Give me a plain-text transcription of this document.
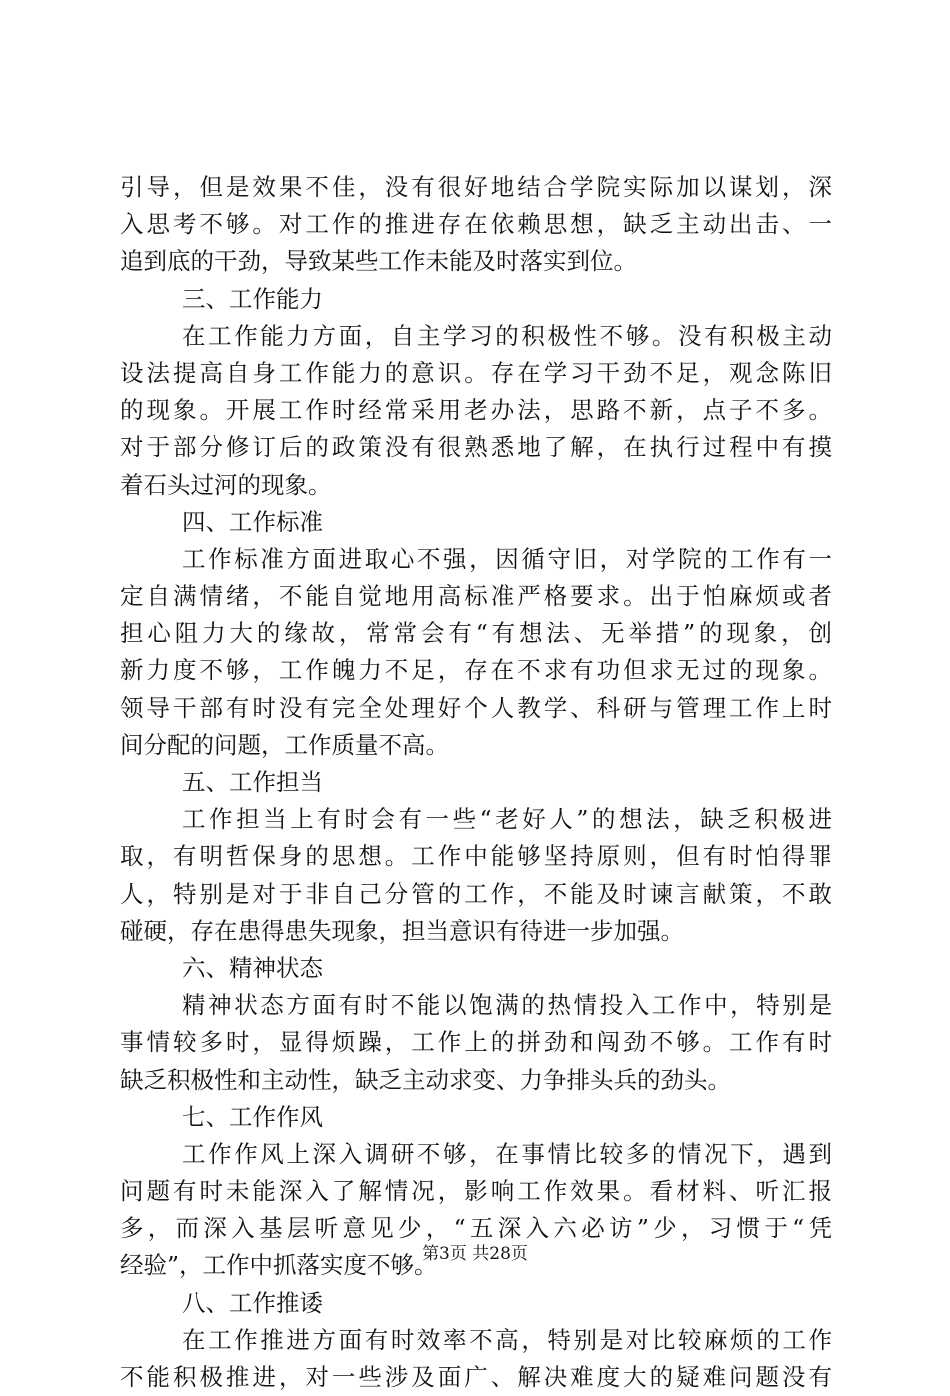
引导，但是效果不佳，没有很好地结合学院实际加以谋划，深
入思考不够。对工作的推进存在依赖思想，缺乏主动出击、一
追到底的干劲，导致某些工作未能及时落实到位。
三、工作能力
在工作能力方面，自主学习的积极性不够。没有积极主动
设法提高自身工作能力的意识。存在学习干劲不足，观念陈旧
的现象。开展工作时经常采用老办法，思路不新，点子不多。
对于部分修订后的政策没有很熟悉地了解，在执行过程中有摸
着石头过河的现象。
四、工作标准
工作标准方面进取心不强，因循守旧，对学院的工作有一
定自满情绪，不能自觉地用高标准严格要求。出于怕麻烦或者
担心阻力大的缘故，常常会有“有想法、无举措”的现象，创
新力度不够，工作魄力不足，存在不求有功但求无过的现象。
领导干部有时没有完全处理好个人教学、科研与管理工作上时
间分配的问题，工作质量不高。
五、工作担当
工作担当上有时会有一些“老好人”的想法，缺乏积极进
取，有明哲保身的思想。工作中能够坚持原则，但有时怕得罪
人，特别是对于非自己分管的工作，不能及时谏言献策，不敢
碰硬，存在患得患失现象，担当意识有待进一步加强。
六、精神状态
精神状态方面有时不能以饱满的热情投入工作中，特别是
事情较多时，显得烦躁，工作上的拼劲和闯劲不够。工作有时
缺乏积极性和主动性，缺乏主动求变、力争排头兵的劲头。
七、工作作风
工作作风上深入调研不够，在事情比较多的情况下，遇到
问题有时未能深入了解情况，影响工作效果。看材料、听汇报
多，而深入基层听意见少，“五深入六必访”少，习惯于“凭
经验”，工作中抓落实度不够。
八、工作推诿
在工作推进方面有时效率不高，特别是对比较麻烦的工作
不能积极推进，对一些涉及面广、解决难度大的疑难问题没有
第3页 共28页
